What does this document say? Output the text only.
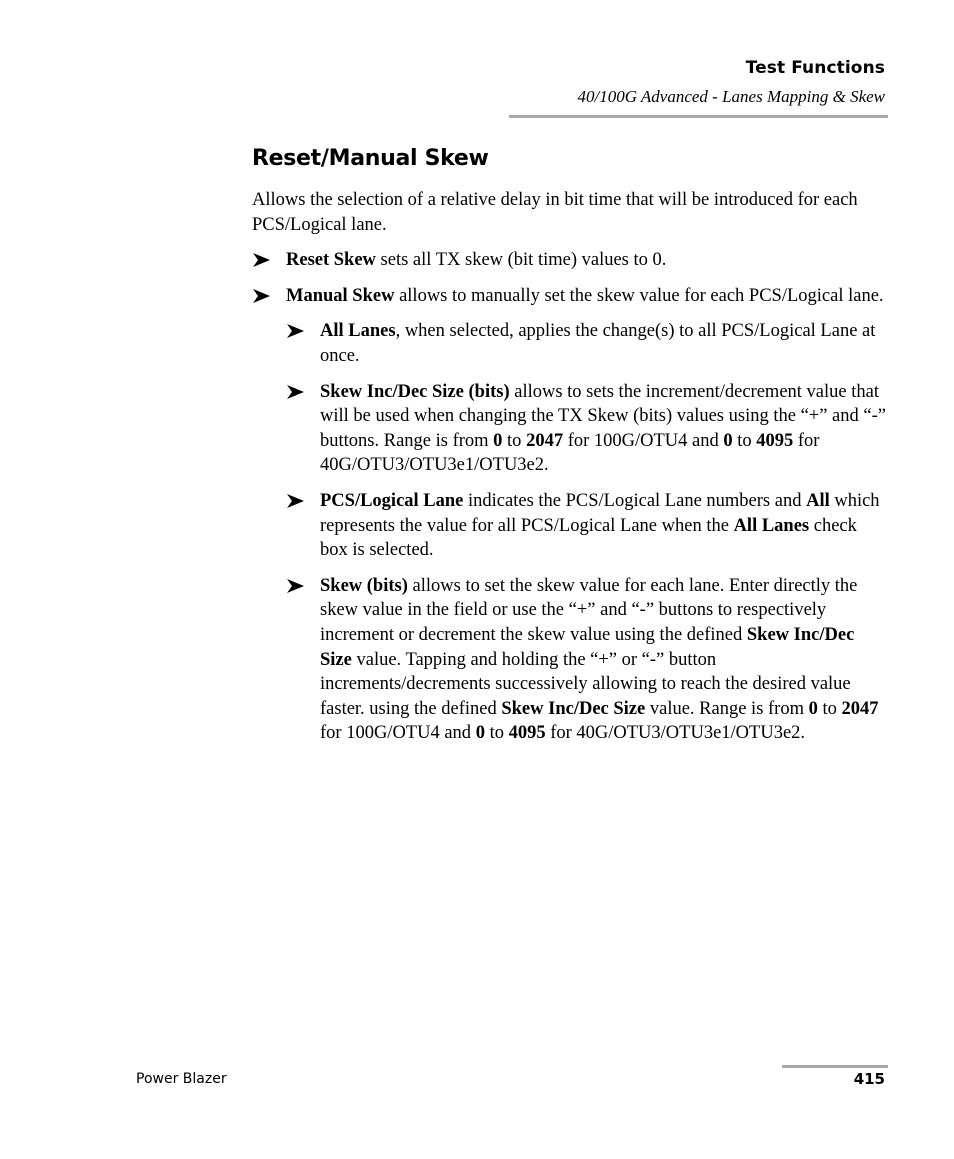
Test Functions
40/100G Advanced - Lanes Mapping & Skew
Reset/Manual Skew

Allows the selection of a relative delay in bit time that will be introduced for each PCS/Logical lane.

Reset Skew sets all TX skew (bit time) values to 0.
Manual Skew allows to manually set the skew value for each PCS/Logical lane.
All Lanes, when selected, applies the change(s) to all PCS/Logical Lane at once.
Skew Inc/Dec Size (bits) allows to sets the increment/decrement value that will be used when changing the TX Skew (bits) values using the “+” and “-” buttons. Range is from 0 to 2047 for 100G/OTU4 and 0 to 4095 for 40G/OTU3/OTU3e1/OTU3e2.
PCS/Logical Lane indicates the PCS/Logical Lane numbers and All which represents the value for all PCS/Logical Lane when the All Lanes check box is selected.
Skew (bits) allows to set the skew value for each lane. Enter directly the skew value in the field or use the “+” and “-” buttons to respectively increment or decrement the skew value using the defined Skew Inc/Dec Size value. Tapping and holding the “+” or “-” button increments/decrements successively allowing to reach the desired value faster. using the defined Skew Inc/Dec Size value. Range is from 0 to 2047 for 100G/OTU4 and 0 to 4095 for 40G/OTU3/OTU3e1/OTU3e2.
Power Blazer	415
